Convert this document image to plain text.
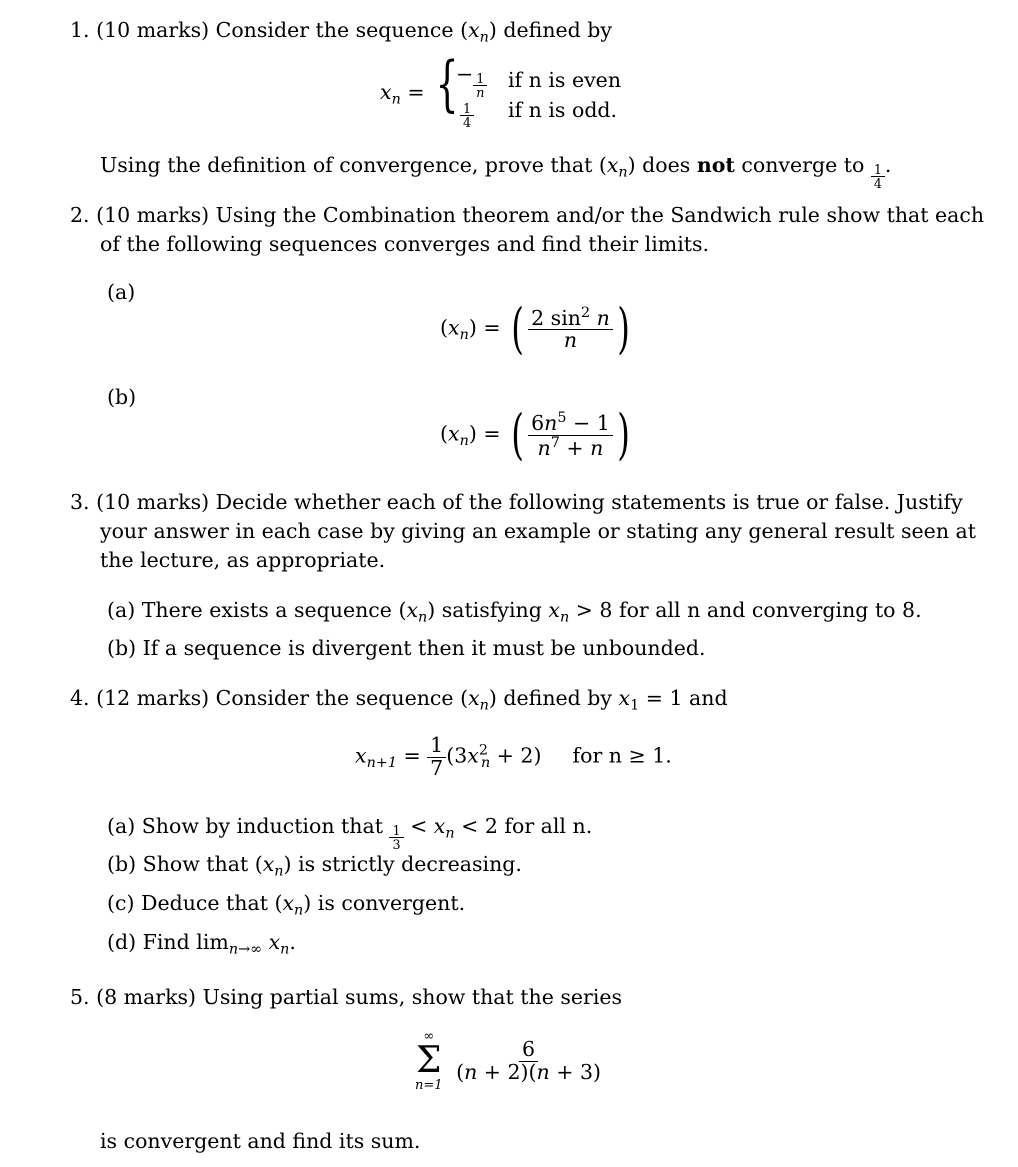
1. (10 marks) Consider the sequence $(x_n)$ defined by
$x_n$ = {
− $\frac{1}{n}$
$\frac{1}{4}$
if n is even
if n is odd.
Using the definition of convergence, prove that $(x_n)$ does not converge to $\frac{1}{4}$ .
2. (10 marks) Using the Combination theorem and/or the Sandwich rule show that each
of the following sequences converges and find their limits.
(a)
$(x_n)$ = ( $\frac{2 \sin^2 n}{n}$ )
(b)
$(x_n)$ = ( $\frac{6n^5 - 1}{n^7 + n}$ )
3. (10 marks) Decide whether each of the following statements is true or false. Justify
your answer in each case by giving an example or stating any general result seen at
the lecture, as appropriate.
(a) There exists a sequence $(x_n)$ satisfying $x_n > 8$ for all n and converging to 8.
(b) If a sequence is divergent then it must be unbounded.
4. (12 marks) Consider the sequence $(x_n)$ defined by $x_1 = 1$ and
$x_{n+1} = \frac{1}{7} (3x^2_n + 2)$  for n ≥ 1.
(a) Show by induction that $\frac{1}{3} < x_n < 2$ for all n.
(b) Show that $(x_n)$ is strictly decreasing.
(c) Deduce that $(x_n)$ is convergent.
(d) Find $\lim_{n\to\infty} x_n$.
5. (8 marks) Using partial sums, show that the series
∞
Σ
n=1

$\frac{6}{(n + 2)(n + 3)}$
is convergent and find its sum.
